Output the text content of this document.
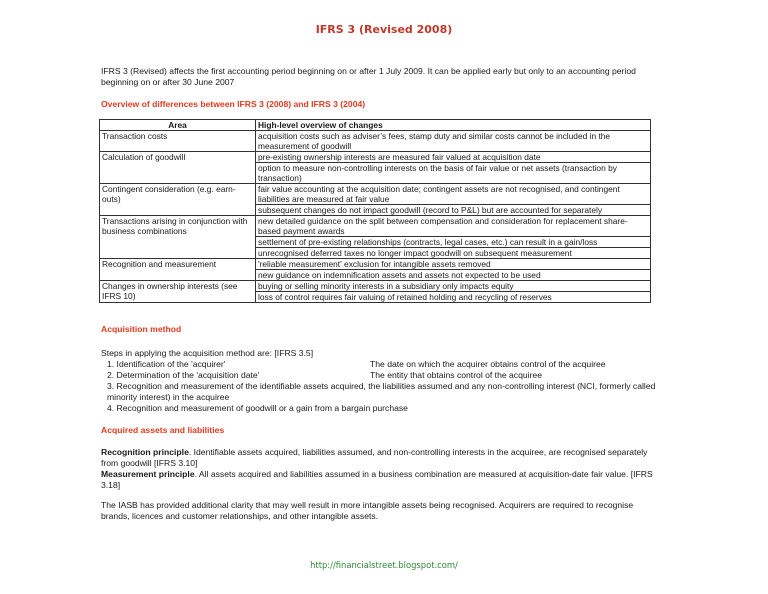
IFRS 3 (Revised 2008)

IFRS 3 (Revised) affects the first accounting period beginning on or after 1 July 2009. It can be applied early but only to an accounting period beginning on or after 30 June 2007

Overview of differences between IFRS 3 (2008) and IFRS 3 (2004)

Area	High-level overview of changes
Transaction costs	acquisition costs such as adviser’s fees, stamp duty and similar costs cannot be included in the measurement of goodwill
Calculation of goodwill	pre-existing ownership interests are measured fair valued at acquisition date
	option to measure non-controlling interests on the basis of fair value or net assets (transaction by transaction)
Contingent consideration (e.g. earn-outs)	fair value accounting at the acquisition date; contingent assets are not recognised, and contingent liabilities are measured at fair value
	subsequent changes do not impact goodwill (record to P&L) but are accounted for separately
Transactions arising in conjunction with business combinations	new detailed guidance on the split between compensation and consideration for replacement share-based payment awards
	settlement of pre-existing relationships (contracts, legal cases, etc.) can result in a gain/loss
	unrecognised deferred taxes no longer impact goodwill on subsequent measurement
Recognition and measurement	'reliable measurement' exclusion for intangible assets removed
	new guidance on indemnification assets and assets not expected to be used
Changes in ownership interests (see IFRS 10)	buying or selling minority interests in a subsidiary only impacts equity
	loss of control requires fair valuing of retained holding and recycling of reserves

Acquisition method

Steps in applying the acquisition method are: [IFRS 3.5]

1. Identification of the 'acquirer'	The date on which the acquirer obtains control of the acquiree
2. Determination of the 'acquisition date'	The entity that obtains control of the acquiree

3. Recognition and measurement of the identifiable assets acquired, the liabilities assumed and any non-controlling interest (NCI, formerly called minority interest) in the acquiree

4. Recognition and measurement of goodwill or a gain from a bargain purchase

Acquired assets and liabilities

Recognition principle. Identifiable assets acquired, liabilities assumed, and non-controlling interests in the acquiree, are recognised separately from goodwill [IFRS 3.10]

Measurement principle. All assets acquired and liabilities assumed in a business combination are measured at acquisition-date fair value. [IFRS 3.18]

The IASB has provided additional clarity that may well result in more intangible assets being recognised. Acquirers are required to recognise brands, licences and customer relationships, and other intangible assets.

http://financialstreet.blogspot.com/
